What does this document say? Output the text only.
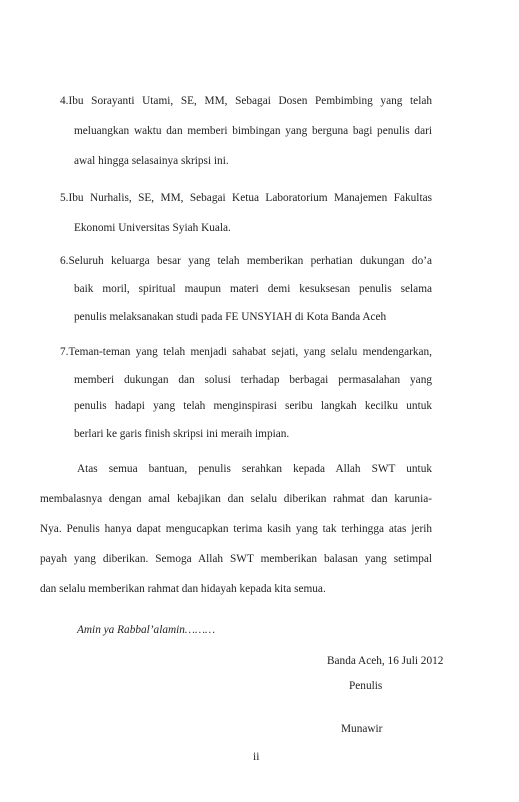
4.Ibu Sorayanti Utami, SE, MM, Sebagai Dosen Pembimbing yang telah
meluangkan waktu dan memberi bimbingan yang berguna bagi penulis dari
awal hingga selasainya skripsi ini.
5.Ibu Nurhalis, SE, MM, Sebagai Ketua Laboratorium Manajemen Fakultas
Ekonomi Universitas Syiah Kuala.
6.Seluruh keluarga besar yang telah memberikan perhatian dukungan do’a
baik moril, spiritual maupun materi demi kesuksesan penulis selama
penulis melaksanakan studi pada FE UNSYIAH di Kota Banda Aceh
7.Teman-teman yang telah menjadi sahabat sejati, yang selalu mendengarkan,
memberi dukungan dan solusi terhadap berbagai permasalahan yang
penulis hadapi yang telah menginspirasi seribu langkah kecilku untuk
berlari ke garis finish skripsi ini meraih impian.
Atas semua bantuan, penulis serahkan kepada Allah SWT untuk
membalasnya dengan amal kebajikan dan selalu diberikan rahmat dan karunia-
Nya. Penulis hanya dapat mengucapkan terima kasih yang tak terhingga atas jerih
payah yang diberikan. Semoga Allah SWT memberikan balasan yang setimpal
dan selalu memberikan rahmat dan hidayah kepada kita semua.
Amin ya Rabbal’alamin………
Banda Aceh, 16 Juli 2012
Penulis
Munawir
ii
